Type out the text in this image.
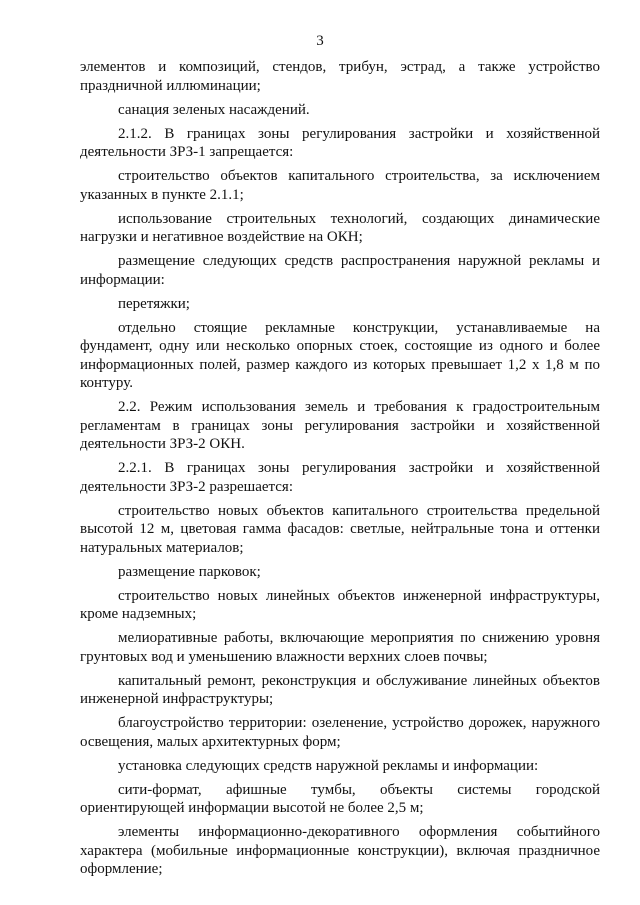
3

элементов и композиций, стендов, трибун, эстрад, а также устройство праздничной иллюминации;

санация зеленых насаждений.

2.1.2. В границах зоны регулирования застройки и хозяйственной деятельности ЗРЗ-1 запрещается:

строительство объектов капитального строительства, за исключением указанных в пункте 2.1.1;

использование строительных технологий, создающих динамические нагрузки и негативное воздействие на ОКН;

размещение следующих средств распространения наружной рекламы и информации:

перетяжки;

отдельно стоящие рекламные конструкции, устанавливаемые на фундамент, одну или несколько опорных стоек, состоящие из одного и более информационных полей, размер каждого из которых превышает 1,2 х 1,8 м по контуру.

2.2. Режим использования земель и требования к градостроительным регламентам в границах зоны регулирования застройки и хозяйственной деятельности ЗРЗ-2 ОКН.

2.2.1. В границах зоны регулирования застройки и хозяйственной деятельности ЗРЗ-2 разрешается:

строительство новых объектов капитального строительства предельной высотой 12 м, цветовая гамма фасадов: светлые, нейтральные тона и оттенки натуральных материалов;

размещение парковок;

строительство новых линейных объектов инженерной инфраструктуры, кроме надземных;

мелиоративные работы, включающие мероприятия по снижению уровня грунтовых вод и уменьшению влажности верхних слоев почвы;

капитальный ремонт, реконструкция и обслуживание линейных объектов инженерной инфраструктуры;

благоустройство территории: озеленение, устройство дорожек, наружного освещения, малых архитектурных форм;

установка следующих средств наружной рекламы и информации:

сити-формат, афишные тумбы, объекты системы городской ориентирующей информации высотой не более 2,5 м;

элементы информационно-декоративного оформления событийного характера (мобильные информационные конструкции), включая праздничное оформление;
